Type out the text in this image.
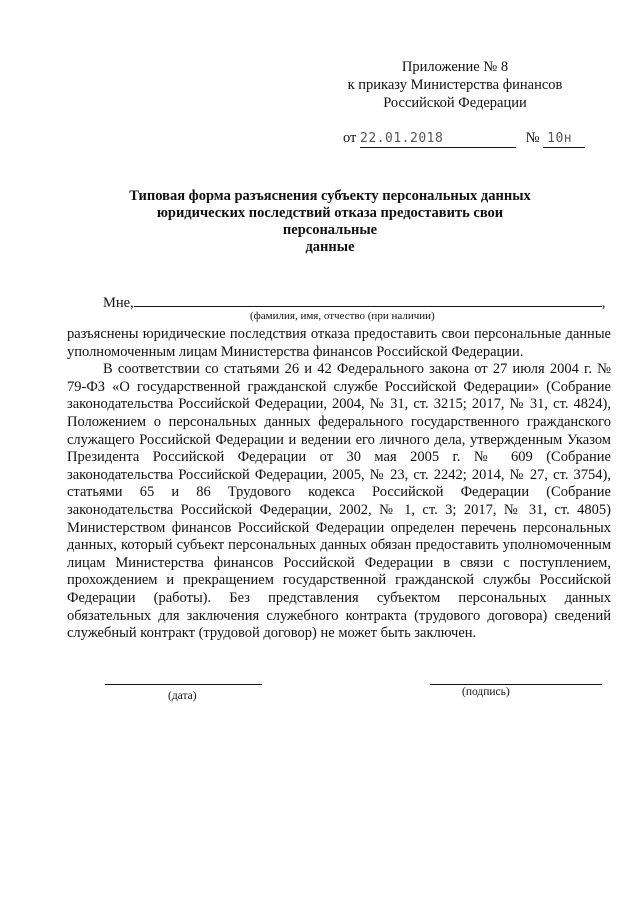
Приложение № 8
к приказу Министерства финансов
Российской Федерации
от 22.01.2018	№ 10н
Типовая форма разъяснения субъекту персональных данных
юридических последствий отказа предоставить свои персональные
данные
Мне,	,
(фамилия, имя, отчество (при наличии)

разъяснены юридические последствия отказа предоставить свои персональные данные уполномоченным лицам Министерства финансов Российской Федерации.

В соответствии со статьями 26 и 42 Федерального закона от 27 июля 2004 г. № 79-ФЗ «О государственной гражданской службе Российской Федерации» (Собрание законодательства Российской Федерации, 2004, № 31, ст. 3215; 2017, № 31, ст. 4824), Положением о персональных данных федерального государственного гражданского служащего Российской Федерации и ведении его личного дела, утвержденным Указом Президента Российской Федерации от 30 мая 2005 г. № 609 (Собрание законодательства Российской Федерации, 2005, № 23, ст. 2242; 2014, № 27, ст. 3754), статьями 65 и 86 Трудового кодекса Российской Федерации (Собрание законодательства Российской Федерации, 2002, № 1, ст. 3; 2017, № 31, ст. 4805) Министерством финансов Российской Федерации определен перечень персональных данных, который субъект персональных данных обязан предоставить уполномоченным лицам Министерства финансов Российской Федерации в связи с поступлением, прохождением и прекращением государственной гражданской службы Российской Федерации (работы). Без представления субъектом персональных данных обязательных для заключения служебного контракта (трудового договора) сведений служебный контракт (трудовой договор) не может быть заключен.

(дата)	(подпись)
